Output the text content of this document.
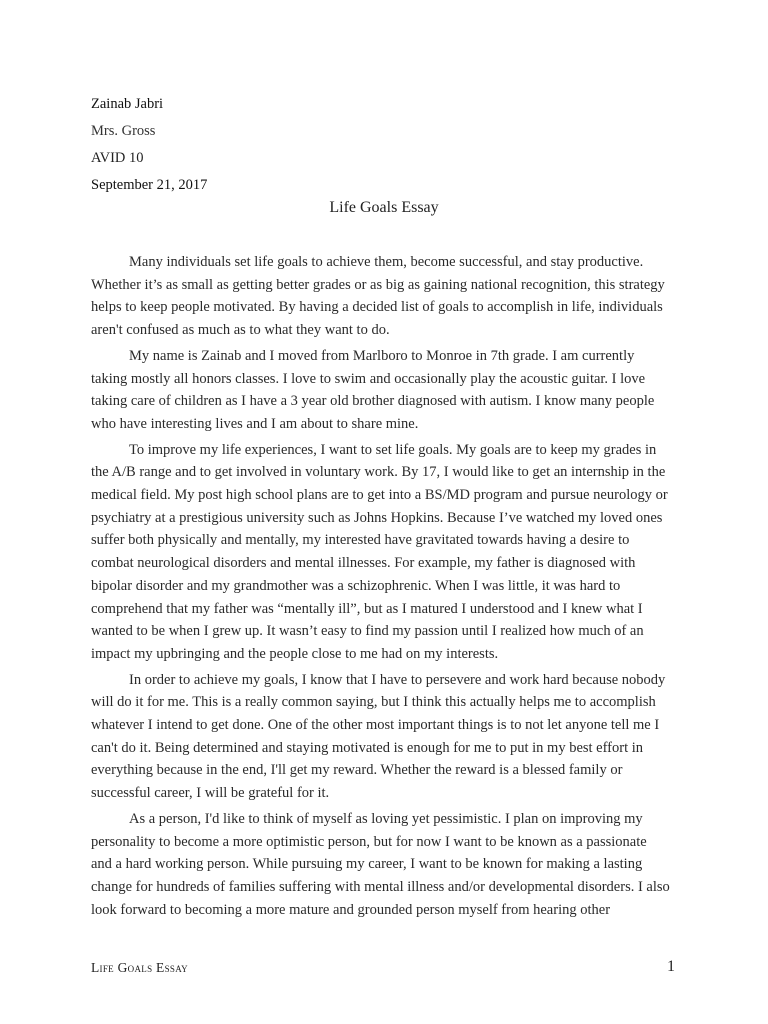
Zainab Jabri
Mrs. Gross
AVID 10
September 21, 2017
Life Goals Essay

Many individuals set life goals to achieve them, become successful, and stay productive. Whether it’s as small as getting better grades or as big as gaining national recognition, this strategy helps to keep people motivated. By having a decided list of goals to accomplish in life, individuals aren't confused as much as to what they want to do.

My name is Zainab and I moved from Marlboro to Monroe in 7th grade. I am currently taking mostly all honors classes. I love to swim and occasionally play the acoustic guitar. I love taking care of children as I have a 3 year old brother diagnosed with autism. I know many people who have interesting lives and I am about to share mine.

To improve my life experiences, I want to set life goals. My goals are to keep my grades in the A/B range and to get involved in voluntary work. By 17, I would like to get an internship in the medical field. My post high school plans are to get into a BS/MD program and pursue neurology or psychiatry at a prestigious university such as Johns Hopkins. Because I’ve watched my loved ones suffer both physically and mentally, my interested have gravitated towards having a desire to combat neurological disorders and mental illnesses. For example, my father is diagnosed with bipolar disorder and my grandmother was a schizophrenic. When I was little, it was hard to comprehend that my father was “mentally ill”, but as I matured I understood and I knew what I wanted to be when I grew up. It wasn’t easy to find my passion until I realized how much of an impact my upbringing and the people close to me had on my interests.

In order to achieve my goals, I know that I have to persevere and work hard because nobody will do it for me. This is a really common saying, but I think this actually helps me to accomplish whatever I intend to get done. One of the other most important things is to not let anyone tell me I can't do it. Being determined and staying motivated is enough for me to put in my best effort in everything because in the end, I'll get my reward. Whether the reward is a blessed family or successful career, I will be grateful for it.

As a person, I'd like to think of myself as loving yet pessimistic. I plan on improving my personality to become a more optimistic person, but for now I want to be known as a passionate and a hard working person. While pursuing my career, I want to be known for making a lasting change for hundreds of families suffering with mental illness and/or developmental disorders. I also look forward to becoming a more mature and grounded person myself from hearing other

Life Goals Essay	1
